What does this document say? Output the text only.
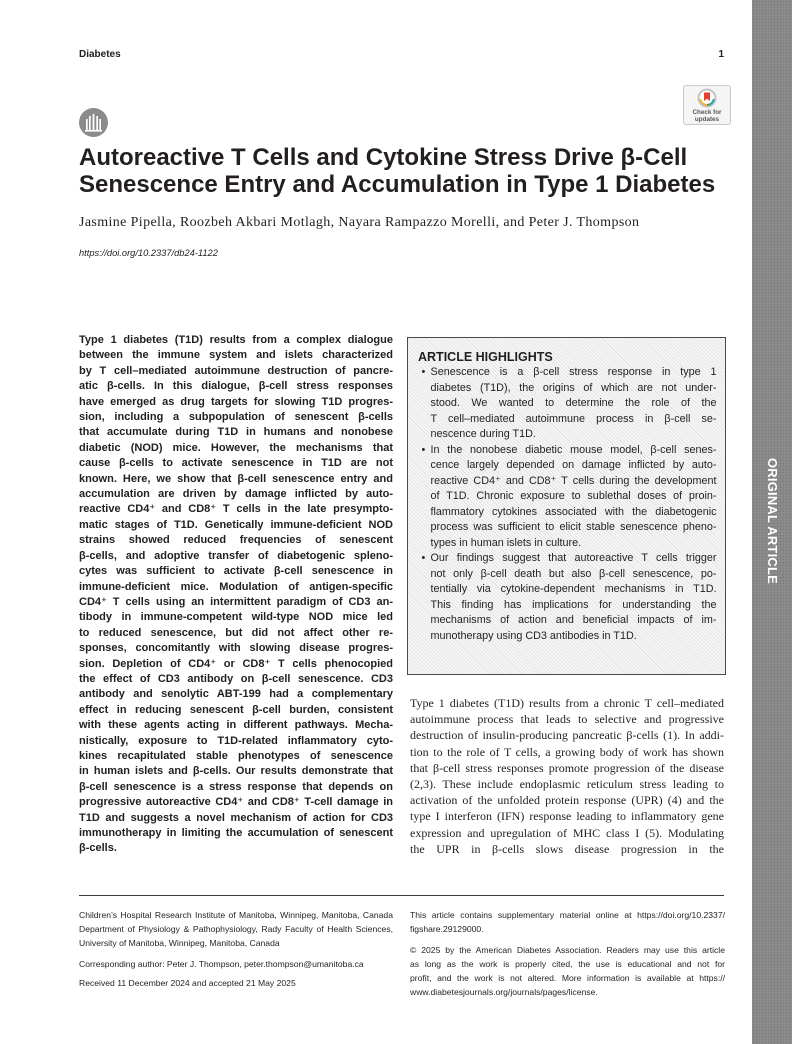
Diabetes	1
Check for
updates
Autoreactive T Cells and Cytokine Stress Drive β-Cell
Senescence Entry and Accumulation in Type 1 Diabetes
Jasmine Pipella, Roozbeh Akbari Motlagh, Nayara Rampazzo Morelli, and Peter J. Thompson
https://doi.org/10.2337/db24-1122
Type 1 diabetes (T1D) results from a complex dialogue
between the immune system and islets characterized
by T cell–mediated autoimmune destruction of pancre-
atic β-cells. In this dialogue, β-cell stress responses
have emerged as drug targets for slowing T1D progres-
sion, including a subpopulation of senescent β-cells
that accumulate during T1D in humans and nonobese
diabetic (NOD) mice. However, the mechanisms that
cause β-cells to activate senescence in T1D are not
known. Here, we show that β-cell senescence entry and
accumulation are driven by damage inflicted by auto-
reactive CD4⁺ and CD8⁺ T cells in the late presympto-
matic stages of T1D. Genetically immune-deficient NOD
strains showed reduced frequencies of senescent
β-cells, and adoptive transfer of diabetogenic spleno-
cytes was sufficient to activate β-cell senescence in
immune-deficient mice. Modulation of antigen-specific
CD4⁺ T cells using an intermittent paradigm of CD3 an-
tibody in immune-competent wild-type NOD mice led
to reduced senescence, but did not affect other re-
sponses, concomitantly with slowing disease progres-
sion. Depletion of CD4⁺ or CD8⁺ T cells phenocopied
the effect of CD3 antibody on β-cell senescence. CD3
antibody and senolytic ABT-199 had a complementary
effect in reducing senescent β-cell burden, consistent
with these agents acting in different pathways. Mecha-
nistically, exposure to T1D-related inflammatory cyto-
kines recapitulated stable phenotypes of senescence
in human islets and β-cells. Our results demonstrate that
β-cell senescence is a stress response that depends on
progressive autoreactive CD4⁺ and CD8⁺ T-cell damage in
T1D and suggests a novel mechanism of action for CD3
immunotherapy in limiting the accumulation of senescent
β-cells.
ARTICLE HIGHLIGHTS
•
Senescence is a β-cell stress response in type 1
diabetes (T1D), the origins of which are not under-
stood. We wanted to determine the role of the
T cell–mediated autoimmune process in β-cell se-
nescence during T1D.
•
In the nonobese diabetic mouse model, β-cell senes-
cence largely depended on damage inflicted by auto-
reactive CD4⁺ and CD8⁺ T cells during the development
of T1D. Chronic exposure to sublethal doses of proin-
flammatory cytokines associated with the diabetogenic
process was sufficient to elicit stable senescence pheno-
types in human islets in culture.
•
Our findings suggest that autoreactive T cells trigger
not only β-cell death but also β-cell senescence, po-
tentially via cytokine-dependent mechanisms in T1D.
This finding has implications for understanding the
mechanisms of action and beneficial impacts of im-
munotherapy using CD3 antibodies in T1D.
Type 1 diabetes (T1D) results from a chronic T cell–mediated
autoimmune process that leads to selective and progressive
destruction of insulin-producing pancreatic β-cells (1). In addi-
tion to the role of T cells, a growing body of work has shown
that β-cell stress responses promote progression of the disease
(2,3). These include endoplasmic reticulum stress leading to
activation of the unfolded protein response (UPR) (4) and the
type I interferon (IFN) response leading to inflammatory gene
expression and upregulation of MHC class I (5). Modulating
the UPR in β-cells slows disease progression in the
Children’s Hospital Research Institute of Manitoba, Winnipeg, Manitoba, Canada
Department of Physiology & Pathophysiology, Rady Faculty of Health Sciences,
University of Manitoba, Winnipeg, Manitoba, Canada
Corresponding author: Peter J. Thompson, peter.thompson@umanitoba.ca
Received 11 December 2024 and accepted 21 May 2025
This article contains supplementary material online at https://doi.org/10.2337/
figshare.29129000.
© 2025 by the American Diabetes Association. Readers may use this article
as long as the work is properly cited, the use is educational and not for
profit, and the work is not altered. More information is available at https://
www.diabetesjournals.org/journals/pages/license.
ORIGINAL ARTICLE
